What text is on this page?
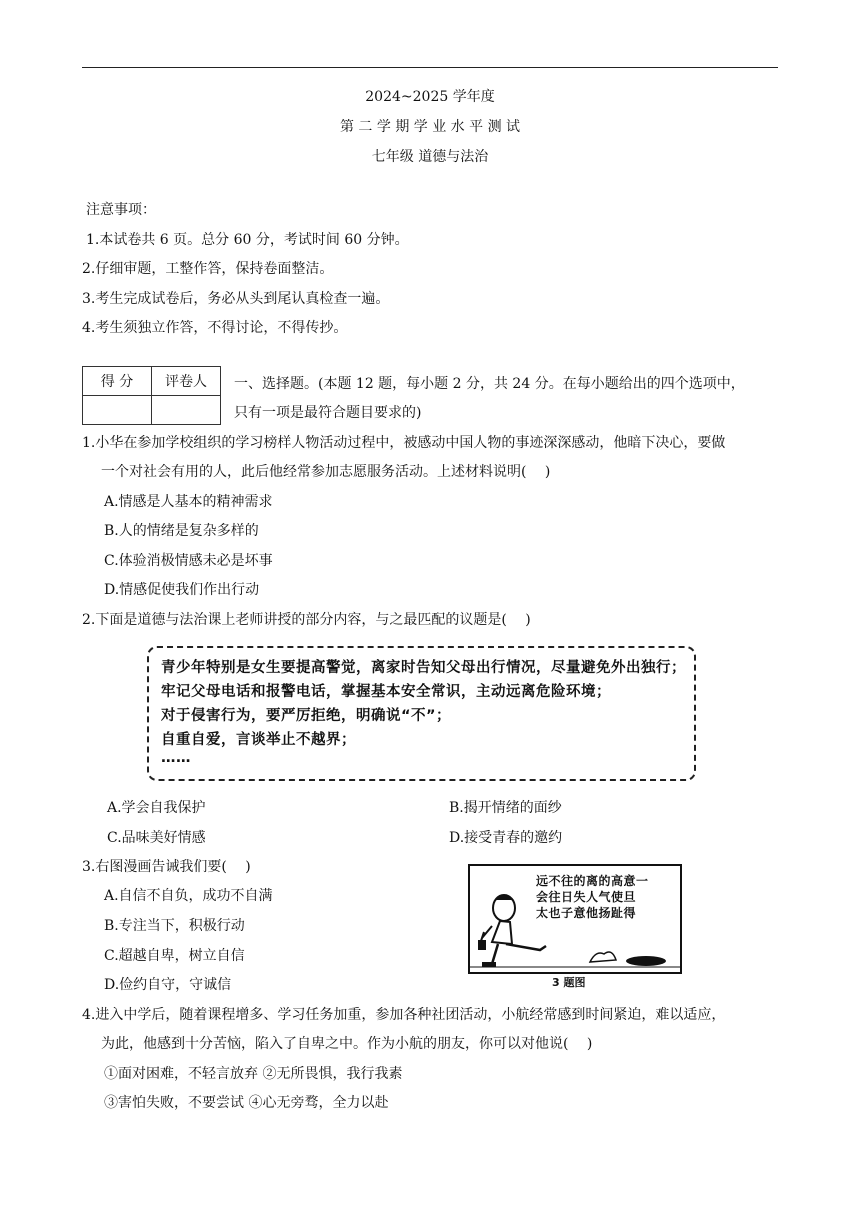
2024~2025 学年度
第 二 学 期 学 业 水 平 测 试
七年级 道德与法治
注意事项：
1.本试卷共 6 页。总分 60 分，考试时间 60 分钟。
2.仔细审题，工整作答，保持卷面整洁。
3.考生完成试卷后，务必从头到尾认真检查一遍。
4.考生须独立作答，不得讨论，不得传抄。
得 分	评卷人
	一、选择题。(本题 12 题，每小题 2 分，共 24 分。在每小题给出的四个选项中，
只有一项是最符合题目要求的)
1.小华在参加学校组织的学习榜样人物活动过程中，被感动中国人物的事迹深深感动，他暗下决心，要做
一个对社会有用的人，此后他经常参加志愿服务活动。上述材料说明(　 )
A.情感是人基本的精神需求
B.人的情绪是复杂多样的
C.体验消极情感未必是坏事
D.情感促使我们作出行动
2.下面是道德与法治课上老师讲授的部分内容，与之最匹配的议题是(　 )
青少年特别是女生要提高警觉，离家时告知父母出行情况，尽量避免外出独行；
牢记父母电话和报警电话，掌握基本安全常识，主动远离危险环境；
对于侵害行为，要严厉拒绝，明确说“不”；
自重自爱，言谈举止不越界；
……
A.学会自我保护	B.揭开情绪的面纱
C.品味美好情感	D.接受青春的邀约
3.右图漫画告诫我们要(　 )
A.自信不自负，成功不自满
B.专注当下，积极行动
C.超越自卑，树立自信
D.俭约自守，守诚信
远不往的离的高意一
会往日失人气使旦
太也子意他扬趾得
3 题图
4.进入中学后，随着课程增多、学习任务加重，参加各种社团活动，小航经常感到时间紧迫，难以适应，
为此，他感到十分苦恼，陷入了自卑之中。作为小航的朋友，你可以对他说(　 )
①面对困难，不轻言放弃 ②无所畏惧，我行我素
③害怕失败，不要尝试 ④心无旁骛，全力以赴
